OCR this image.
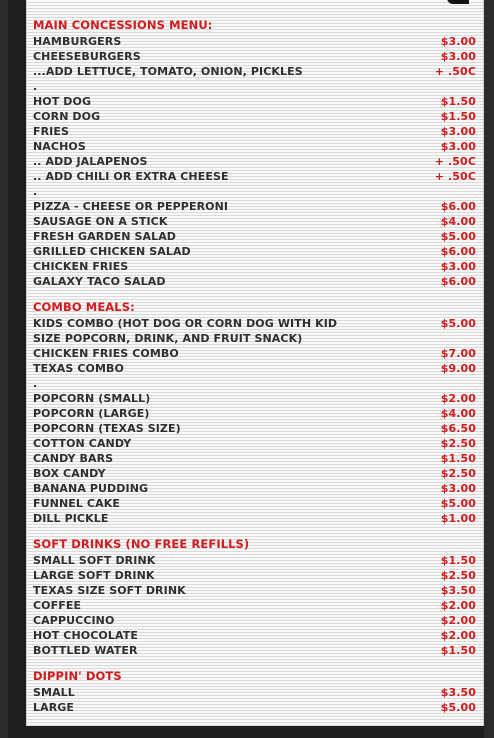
MAIN CONCESSIONS MENU:
HAMBURGERS	$3.00
CHEESEBURGERS	$3.00
...ADD LETTUCE, TOMATO, ONION, PICKLES	+ .50C
.
HOT DOG	$1.50
CORN DOG	$1.50
FRIES	$3.00
NACHOS	$3.00
.. ADD JALAPENOS	+ .50C
.. ADD CHILI OR EXTRA CHEESE	+ .50C
.
PIZZA - CHEESE OR PEPPERONI	$6.00
SAUSAGE ON A STICK	$4.00
FRESH GARDEN SALAD	$5.00
GRILLED CHICKEN SALAD	$6.00
CHICKEN FRIES	$3.00
GALAXY TACO SALAD	$6.00
COMBO MEALS:
KIDS COMBO (HOT DOG OR CORN DOG WITH KID
SIZE POPCORN, DRINK, AND FRUIT SNACK)
$5.00
CHICKEN FRIES COMBO	$7.00
TEXAS COMBO	$9.00
.
POPCORN (SMALL)	$2.00
POPCORN (LARGE)	$4.00
POPCORN (TEXAS SIZE)	$6.50
COTTON CANDY	$2.50
CANDY BARS	$1.50
BOX CANDY	$2.50
BANANA PUDDING	$3.00
FUNNEL CAKE	$5.00
DILL PICKLE	$1.00
SOFT DRINKS (NO FREE REFILLS)
SMALL SOFT DRINK	$1.50
LARGE SOFT DRINK	$2.50
TEXAS SIZE SOFT DRINK	$3.50
COFFEE	$2.00
CAPPUCCINO	$2.00
HOT CHOCOLATE	$2.00
BOTTLED WATER	$1.50
DIPPIN' DOTS
SMALL	$3.50
LARGE	$5.00
